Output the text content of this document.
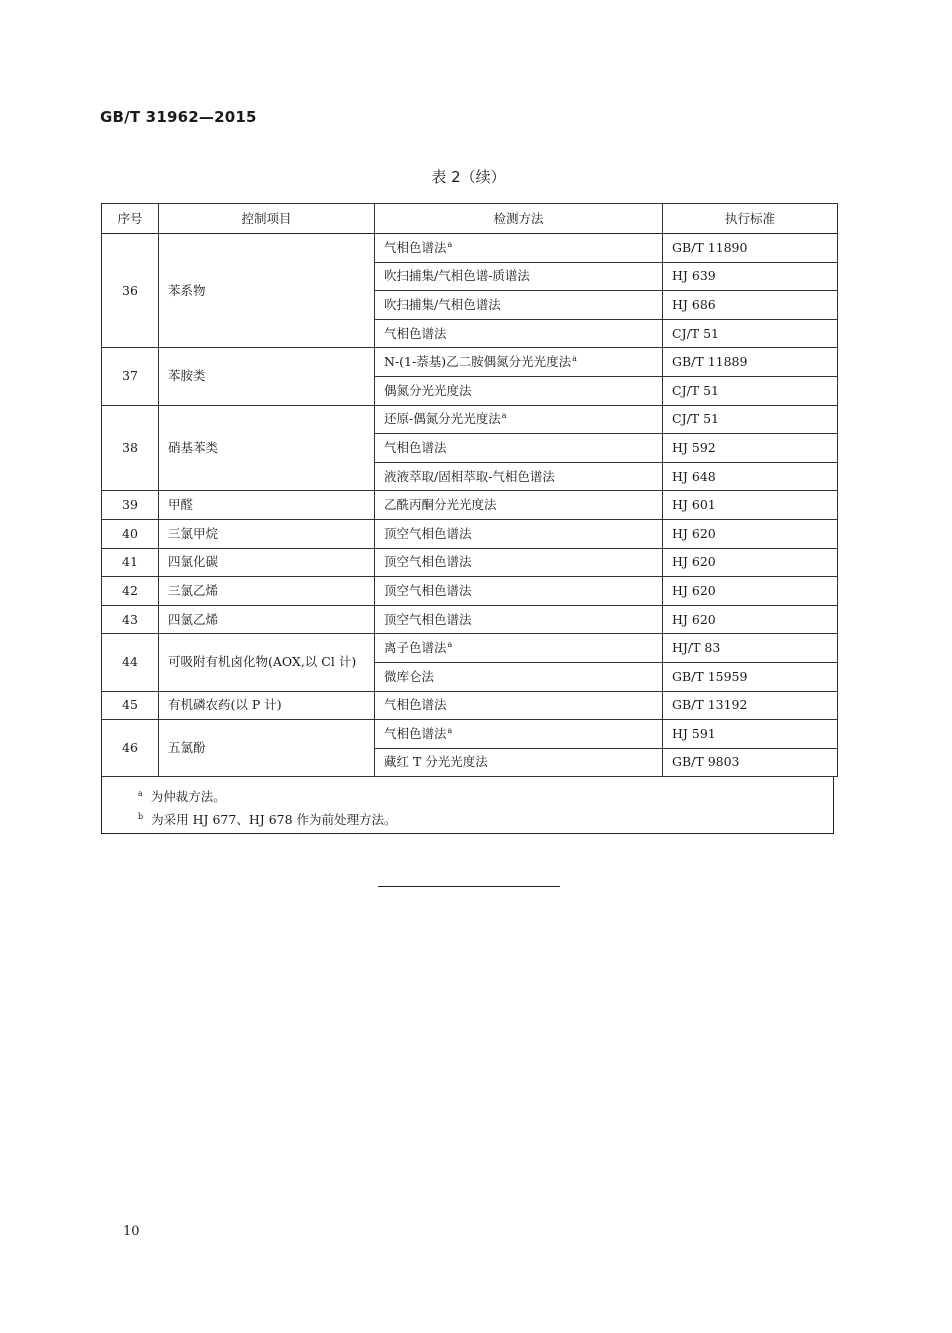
GB/T 31962—2015
表 2（续）
序号	控制项目	检测方法	执行标准
36	苯系物	气相色谱法$^a$	GB/T 11890
		吹扫捕集/气相色谱-质谱法	HJ 639
		吹扫捕集/气相色谱法	HJ 686
		气相色谱法	CJ/T 51
37	苯胺类	N-(1-萘基)乙二胺偶氮分光光度法$^a$	GB/T 11889
		偶氮分光光度法	CJ/T 51
38	硝基苯类	还原-偶氮分光光度法$^a$	CJ/T 51
		气相色谱法	HJ 592
		液液萃取/固相萃取-气相色谱法	HJ 648
39	甲醛	乙酰丙酮分光光度法	HJ 601
40	三氯甲烷	顶空气相色谱法	HJ 620
41	四氯化碳	顶空气相色谱法	HJ 620
42	三氯乙烯	顶空气相色谱法	HJ 620
43	四氯乙烯	顶空气相色谱法	HJ 620
44	可吸附有机卤化物(AOX,以 Cl 计)	离子色谱法$^a$	HJ/T 83
		微库仑法	GB/T 15959
45	有机磷农药(以 P 计)	气相色谱法	GB/T 13192
46	五氯酚	气相色谱法$^a$	HJ 591
		藏红 T 分光光度法	GB/T 9803
$^a$ 为仲裁方法。
$^b$ 为采用 HJ 677、HJ 678 作为前处理方法。
10
